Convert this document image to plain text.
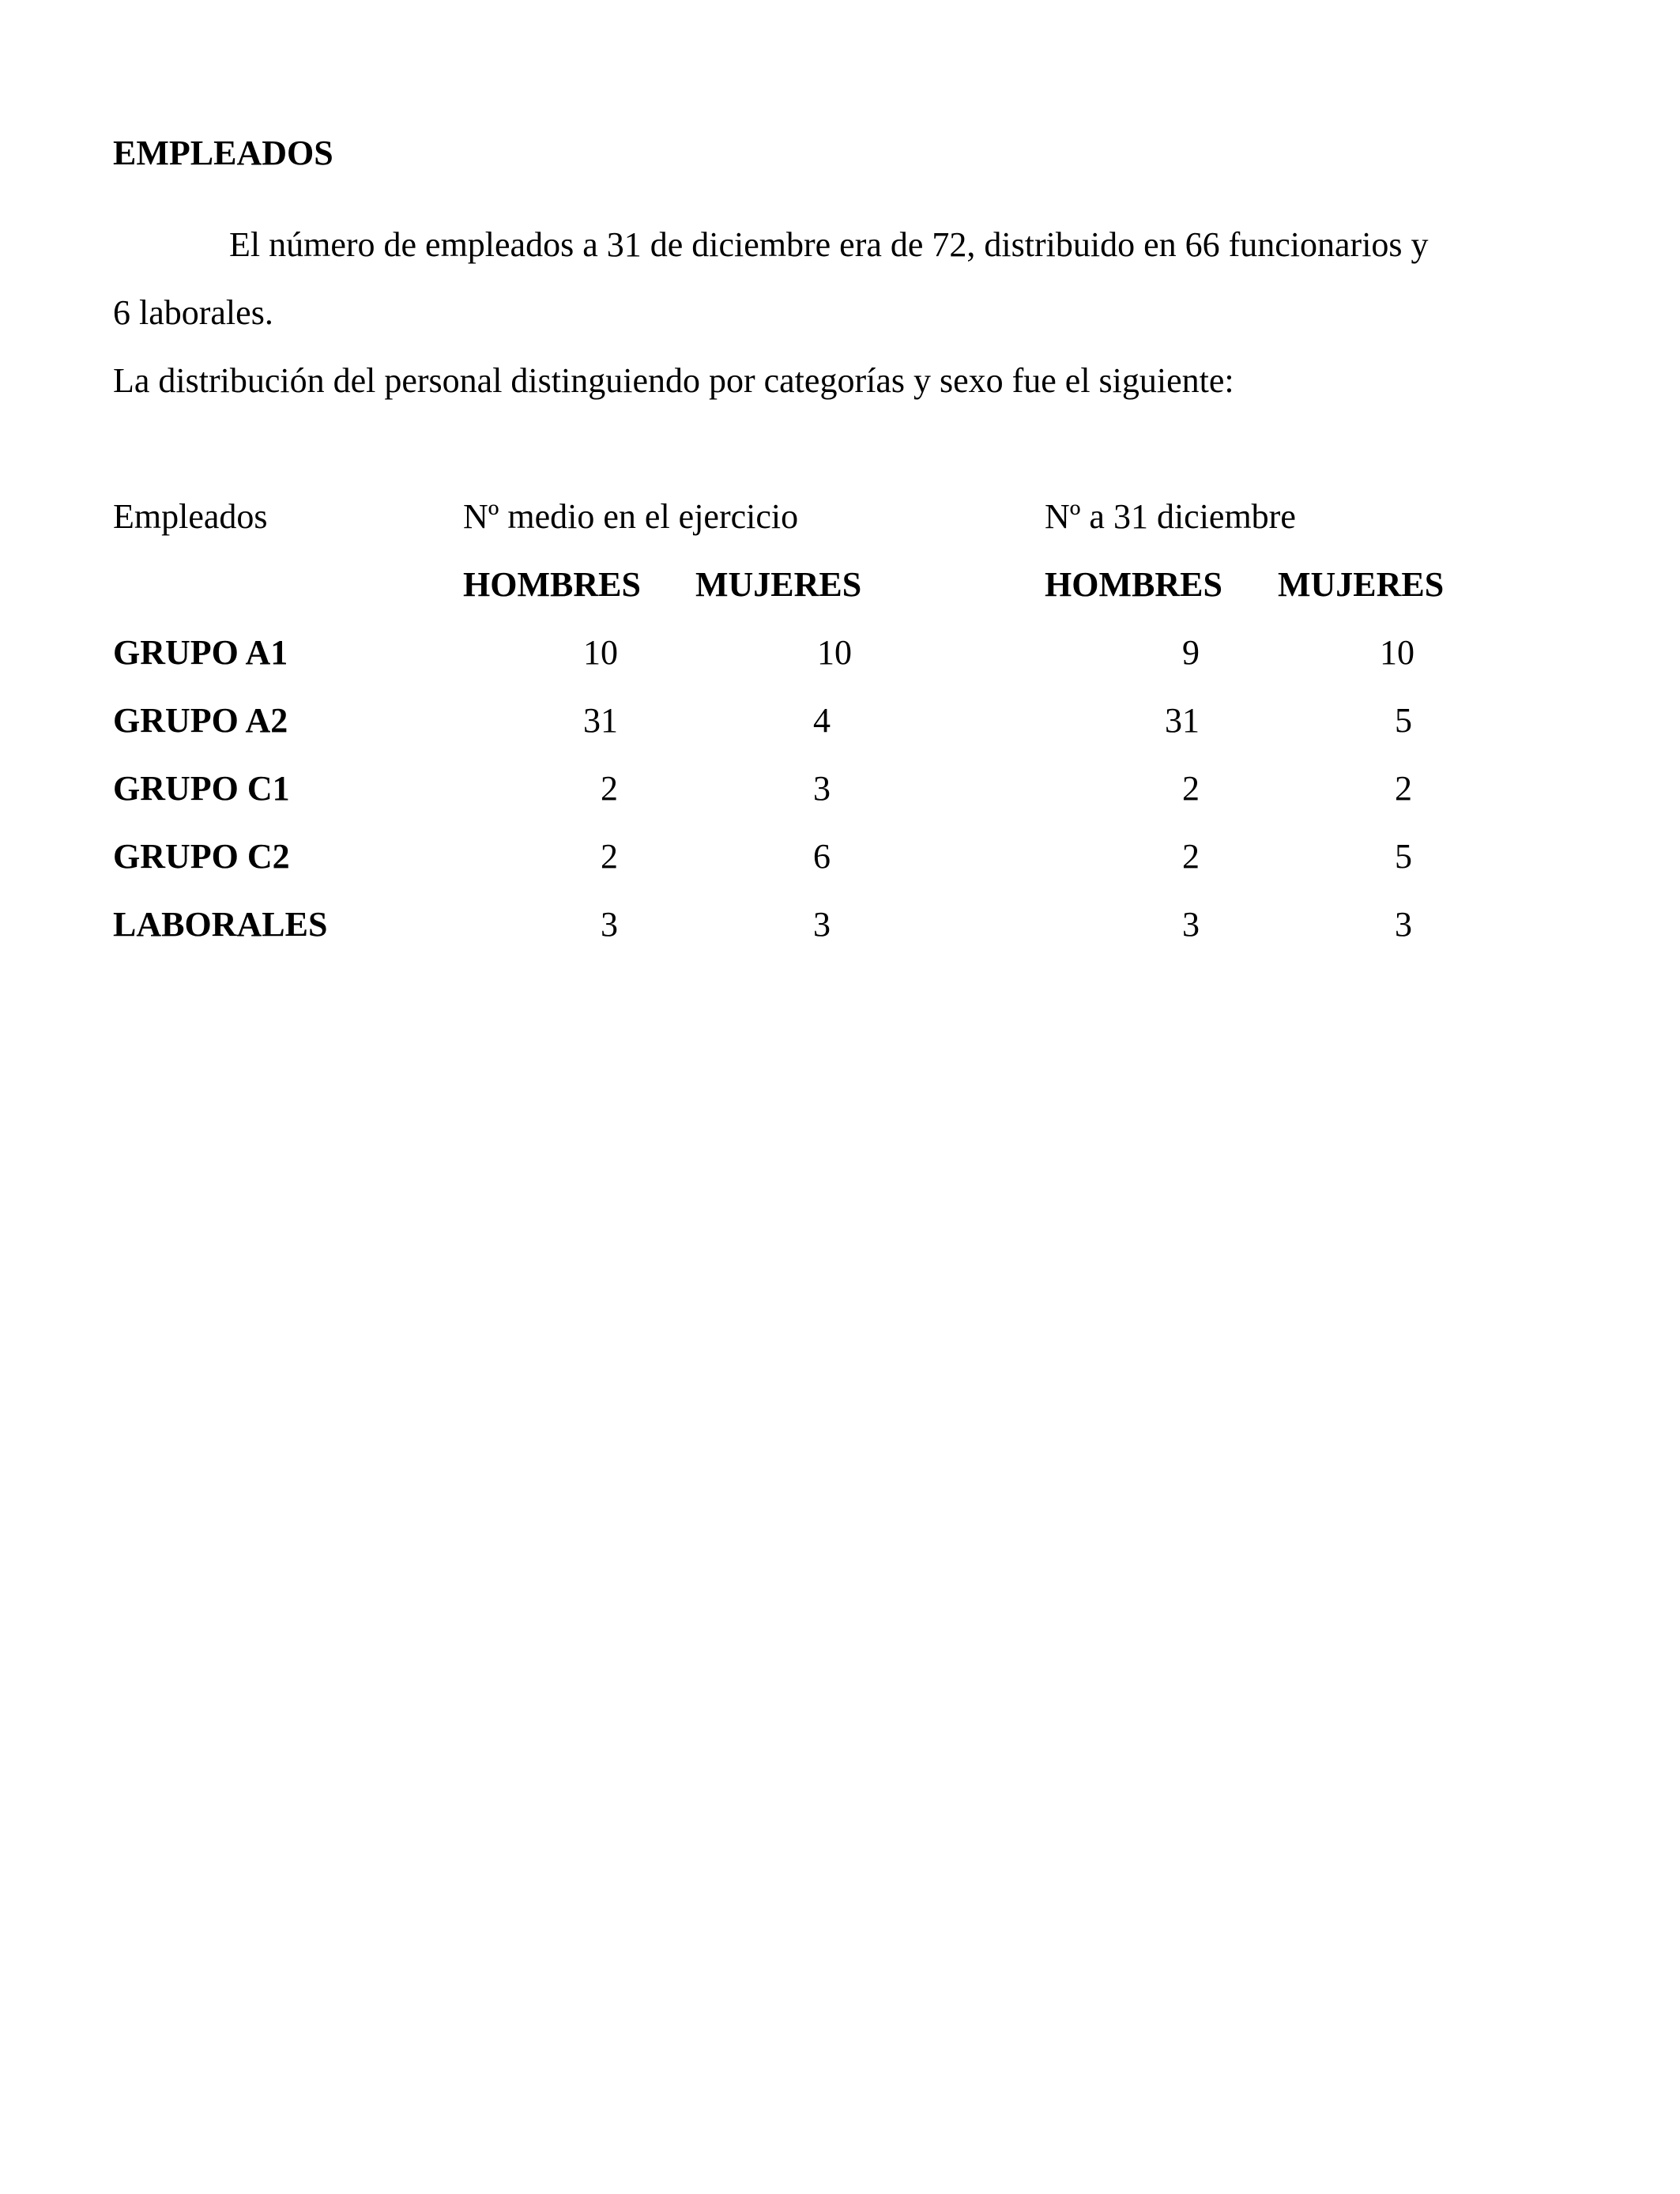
EMPLEADOS
El número de empleados a 31 de diciembre era de 72, distribuido en 66 funcionarios y
6 laborales.
La distribución del personal distinguiendo por categorías y sexo fue el siguiente:
Empleados	Nº medio en el ejercicio	Nº a 31 diciembre
HOMBRES MUJERES	HOMBRES MUJERES
GRUPO A1	10	10	9	10
GRUPO A2	31	4	31	5
GRUPO C1	2	3	2	2
GRUPO C2	2	6	2	5
LABORALES	3	3	3	3
